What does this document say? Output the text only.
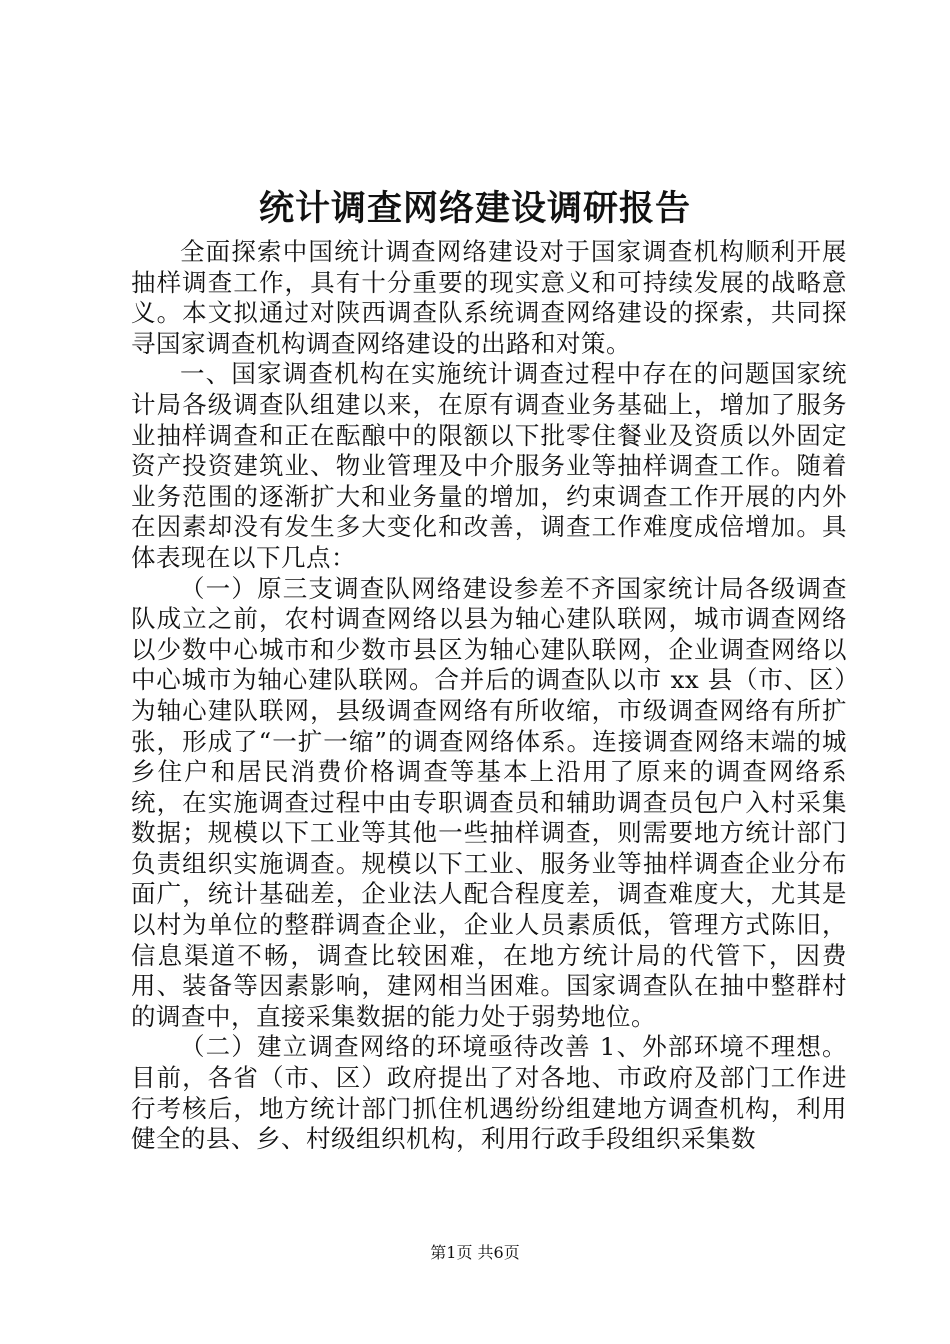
统计调查网络建设调研报告

全面探索中国统计调查网络建设对于国家调查机构顺利开展抽样调查工作，具有十分重要的现实意义和可持续发展的战略意义。本文拟通过对陕西调查队系统调查网络建设的探索，共同探寻国家调查机构调查网络建设的出路和对策。

一、国家调查机构在实施统计调查过程中存在的问题国家统计局各级调查队组建以来，在原有调查业务基础上，增加了服务业抽样调查和正在酝酿中的限额以下批零住餐业及资质以外固定资产投资建筑业、物业管理及中介服务业等抽样调查工作。随着业务范围的逐渐扩大和业务量的增加，约束调查工作开展的内外在因素却没有发生多大变化和改善，调查工作难度成倍增加。具体表现在以下几点：

（一）原三支调查队网络建设参差不齐国家统计局各级调查队成立之前，农村调查网络以县为轴心建队联网，城市调查网络以少数中心城市和少数市县区为轴心建队联网，企业调查网络以中心城市为轴心建队联网。合并后的调查队以市 xx 县（市、区）为轴心建队联网，县级调查网络有所收缩，市级调查网络有所扩张，形成了“一扩一缩”的调查网络体系。连接调查网络末端的城乡住户和居民消费价格调查等基本上沿用了原来的调查网络系统，在实施调查过程中由专职调查员和辅助调查员包户入村采集数据；规模以下工业等其他一些抽样调查，则需要地方统计部门负责组织实施调查。规模以下工业、服务业等抽样调查企业分布面广，统计基础差，企业法人配合程度差，调查难度大，尤其是以村为单位的整群调查企业，企业人员素质低，管理方式陈旧，信息渠道不畅，调查比较困难，在地方统计局的代管下，因费用、装备等因素影响，建网相当困难。国家调查队在抽中整群村的调查中，直接采集数据的能力处于弱势地位。

（二）建立调查网络的环境亟待改善 1、外部环境不理想。目前，各省（市、区）政府提出了对各地、市政府及部门工作进行考核后，地方统计部门抓住机遇纷纷组建地方调查机构，利用健全的县、乡、村级组织机构，利用行政手段组织采集数

第1页 共6页
